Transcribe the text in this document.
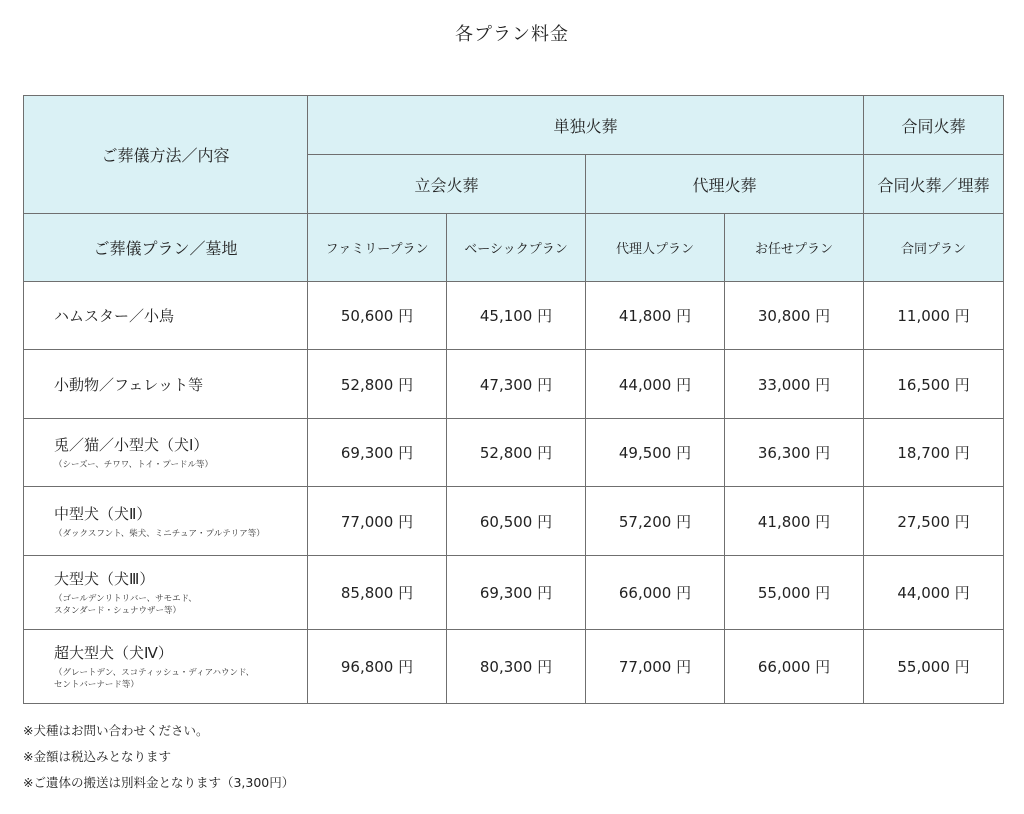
各プラン料金
ご葬儀方法／内容	単独火葬				合同火葬
	立会火葬		代理火葬		合同火葬／埋葬
ご葬儀プラン／墓地	ファミリープラン	ベーシックプラン	代理人プラン	お任せプラン	合同プラン

ハムスター／小鳥	50,600 円	45,100 円	41,800 円	30,800 円	11,000 円

小動物／フェレット等	52,800 円	47,300 円	44,000 円	33,000 円	16,500 円

兎／猫／小型犬（犬Ⅰ）
（シーズー、チワワ、トイ・プードル等）	69,300 円	52,800 円	49,500 円	36,300 円	18,700 円

中型犬（犬Ⅱ）
（ダックスフント、柴犬、ミニチュア・プルテリア等）	77,000 円	60,500 円	57,200 円	41,800 円	27,500 円

大型犬（犬Ⅲ）
（ゴールデンリトリバー、サモエド、
スタンダード・シュナウザー等）	85,800 円	69,300 円	66,000 円	55,000 円	44,000 円

超大型犬（犬Ⅳ）
（グレートデン、スコティッシュ・ディアハウンド、
セントバーナード等）	96,800 円	80,300 円	77,000 円	66,000 円	55,000 円
※犬種はお問い合わせください。
※金額は税込みとなります
※ご遺体の搬送は別料金となります（3,300円）
